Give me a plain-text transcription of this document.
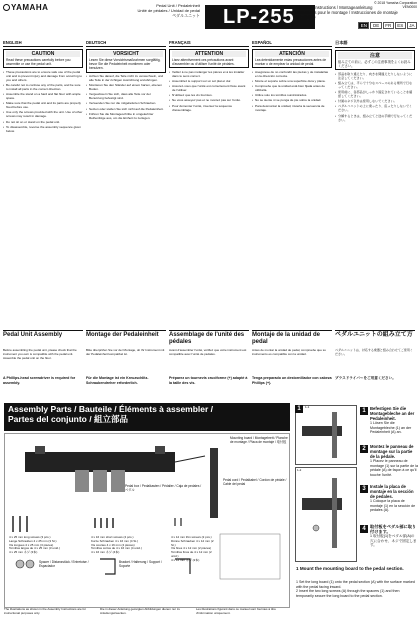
YAMAHA	Pedal Unit / Pedaleinheit
Unité de pédales / Unidad de pedal
ペダルユニット	LP-255 Assembly Instructions / Montageanleitung
Instructions pour le montage / Instrucciones de montaje
組立説明書
© 2018 Yamaha Corporation
VEN0000
EN	DE	FR	ES	JA
ENGLISH
CAUTION
Read these precautions carefully before you assemble or use the pedal unit.
• These precautions are to ensure safe use of the pedal unit and to prevent injury and damage from occurring to you and others.
• Be careful not to confuse any of the parts, and be sure to install all parts in the correct direction.
• Assemble the stand on a hard and flat floor with ample space.
• Make sure that the pedal unit and its parts are properly fixed before use.
• Use only the screws provided with the unit. Use of other screws may result in damage.
• Do not sit on or stand on the pedal unit.
• To disassemble, reverse the assembly sequence given below.
Pedal Unit Assembly
Before assembling the pedal unit, please check that the instrument you own is compatible with the pedal unit. Assemble the pedal unit on the floor.
A Phillips-head screwdriver is required for assembly.
DEUTSCH
VORSICHT
Lesen Sie diese Vorsichtsmaßnahmen sorgfältig, bevor Sie die Pedaleinheit montieren oder benutzen.
• Achten Sie darauf, die Teile nicht zu verwechseln, und alle Teile in der richtigen Ausrichtung anzubringen.
• Montieren Sie den Ständer auf einem harten, ebenen Boden.
• Vergewissern Sie sich, dass alle Teile vor der Benutzung befestigt sind.
• Verwenden Sie nur die mitgelieferten Schrauben.
• Setzen oder stellen Sie sich nicht auf die Pedaleinheit.
• Führen Sie die Montageschritte in umgekehrter Reihenfolge aus, um die Einheit zu zerlegen.
Montage der Pedaleinheit
Bitte überprüfen Sie vor der Montage, ob Ihr Instrument mit der Pedaleinheit kompatibel ist.
Für die Montage ist ein Kreuzschlitz-Schraubendreher erforderlich.
FRANÇAIS
ATTENTION
Lisez attentivement ces précautions avant d'assembler ou d'utiliser l'unité de pédales.
• Veillez à ne pas mélanger les pièces et à les installer dans le sens correct.
• Assemblez le support sur un sol plat et dur.
• Assurez-vous que l'unité est correctement fixée avant de l'utiliser.
• N'utilisez que les vis fournies.
• Ne vous asseyez pas et ne montez pas sur l'unité.
• Pour démonter l'unité, inversez la séquence d'assemblage.
Assemblage de l'unité des pédales
Avant d'assembler l'unité, vérifiez que votre instrument est compatible avec l'unité de pédales.
Préparez un tournevis cruciforme (+) adapté à la taille des vis.
ESPAÑOL
ATENCIÓN
Lea detenidamente estas precauciones antes de montar o de emplear la unidad de pedal.
• Asegúrese de no confundir las piezas y de instalarlas en la dirección correcta.
• Monte el soporte sobre una superficie dura y plana.
• Compruebe que la unidad está bien fijada antes de utilizarla.
• Utilice solo los tornillos suministrados.
• No se siente ni se ponga de pie sobre la unidad.
• Para desmontar la unidad, invierta la secuencia de montaje.
Montaje de la unidad de pedal
Antes de montar la unidad de pedal, compruebe que su instrumento es compatible con la unidad.
Tenga preparado un destornillador con cabeza Phillips (+).
日本語
注意
組み立ての前に、必ずこの注意事項をよくお読みください。
• 部品を取り違えたり、向きを間違えたりしないように注意してください。
• 組み立ては、平らで十分なスペースのある場所で行なってください。
• 使用前に、各部品がしっかり固定されていることを確認してください。
• 付属のネジ以外は使用しないでください。
• ペダルユニットの上に乗ったり、座ったりしないでください。
• 分解するときは、組み立てと逆の手順で行なってください。
ペダルユニットの組み立て方
ペダルユニットは、対応する楽器と組み合わせてご使用ください。
プラスドライバーをご用意ください。
Assembly Parts / Bauteile / Éléments à assembler /
Partes del conjunto / 組立部品
Mounting board / Montagebrett / Planche de montage / Placa de montaje / 取付板
Pedal box / Pedalkasten / Pédalier / Caja de pedales / ペダル
Pedal cord / Pedalkabel / Cordon de pédale / Cable del pedal
4 x 25 mm long screws (3 pcs.)
Lange Schrauben 4 x 25 mm (3 St.)
Vis longues 4 x 25 mm (3 pièces)
Tornillos largos de 4 x 25 mm (3 unid.)
4 x 25 mm ネジ (3本)
4 x 16 mm short screws (4 pcs.)
Kurze Schrauben 4 x 16 mm (4 St.)
Vis courtes 4 x 16 mm (4 pièces)
Tornillos cortos de 4 x 16 mm (4 unid.)
4 x 16 mm ネジ (4本)
4 x 12 mm thin screws (2 pcs.)
Dünne Schrauben 4 x 12 mm (2 St.)
Vis fines 4 x 12 mm (2 pièces)
Tornillos finos de 4 x 12 mm (2 unid.)
4 x 12 mm ネジ (2本)
Spacer / Distanzstück / Entretoise / Espaciador
Bracket / Halterung / Support / Soporte
The illustrations as shown in the Assembly Instructions are for instructional purposes only.
Die in dieser Anleitung gezeigten Abbildungen dienen nur zu Anleitungszwecken.
Les illustrations figurant dans ce manuel sont fournies à titre d'information uniquement.
1	1-1
1-2
1	Befestigen Sie die Montagebleche an der Pedaleinheit.
1 Lösen Sie die Montagebleche (1) an der Pedaleinheit (A) an.
2	Montez le panneau de montage sur la partie de la pédale.
1 Placez le panneau de montage (1) sur la partie de la pédale (A) de façon à ce qu'il touche l'unité.
3	Instale la placa de montaje en la sección de pedales.
1 Coloque la placa de montaje (1) en la sección de pedales (A).
4	取付板をペダル部に取り付けます。
1 取付板(1)をペダル部(A)の穴に合わせ、ネジで固定します。
1 Mount the mounting board to the pedal section.
1 Set the long board (1) onto the pedal section (A) with the surface marked with the pedal facing inward.
2 Insert the two long screws (A) through the spacers (1) and then temporarily secure the long board to the pedal section.
